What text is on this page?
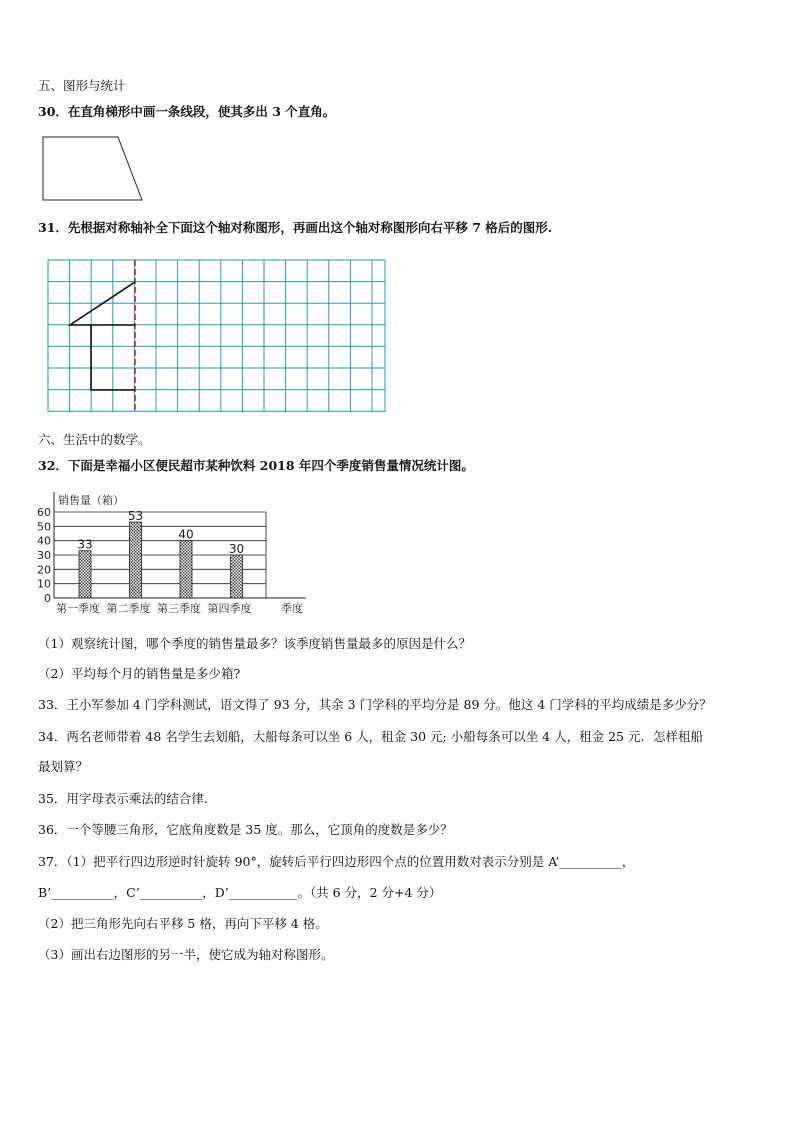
五、图形与统计
30．在直角梯形中画一条线段，使其多出 3 个直角。
31．先根据对称轴补全下面这个轴对称图形，再画出这个轴对称图形向右平移 7 格后的图形.
六、生活中的数学。
32．下面是幸福小区便民超市某种饮料 2018 年四个季度销售量情况统计图。
销售量（箱）
0
10
20
30
40
50
60
33
第一季度
53
第二季度
40
第三季度
30
第四季度	季度
（1）观察统计图，哪个季度的销售量最多？该季度销售量最多的原因是什么？
（2）平均每个月的销售量是多少箱?
33．王小军参加 4 门学科测试，语文得了 93 分，其余 3 门学科的平均分是 89 分。他这 4 门学科的平均成绩是多少分？
34．两名老师带着 48 名学生去划船，大船每条可以坐 6 人，租金 30 元; 小船每条可以坐 4 人，租金 25 元．怎样租船
最划算？
35．用字母表示乘法的结合律.
36．一个等腰三角形，它底角度数是 35 度。那么，它顶角的度数是多少？
37．（1）把平行四边形逆时针旋转 90°，旋转后平行四边形四个点的位置用数对表示分别是 A’__________，
B’__________，C’__________，D’___________。（共 6 分，2 分+4 分）
（2）把三角形先向右平移 5 格，再向下平移 4 格。
（3）画出右边图形的另一半，使它成为轴对称图形。
